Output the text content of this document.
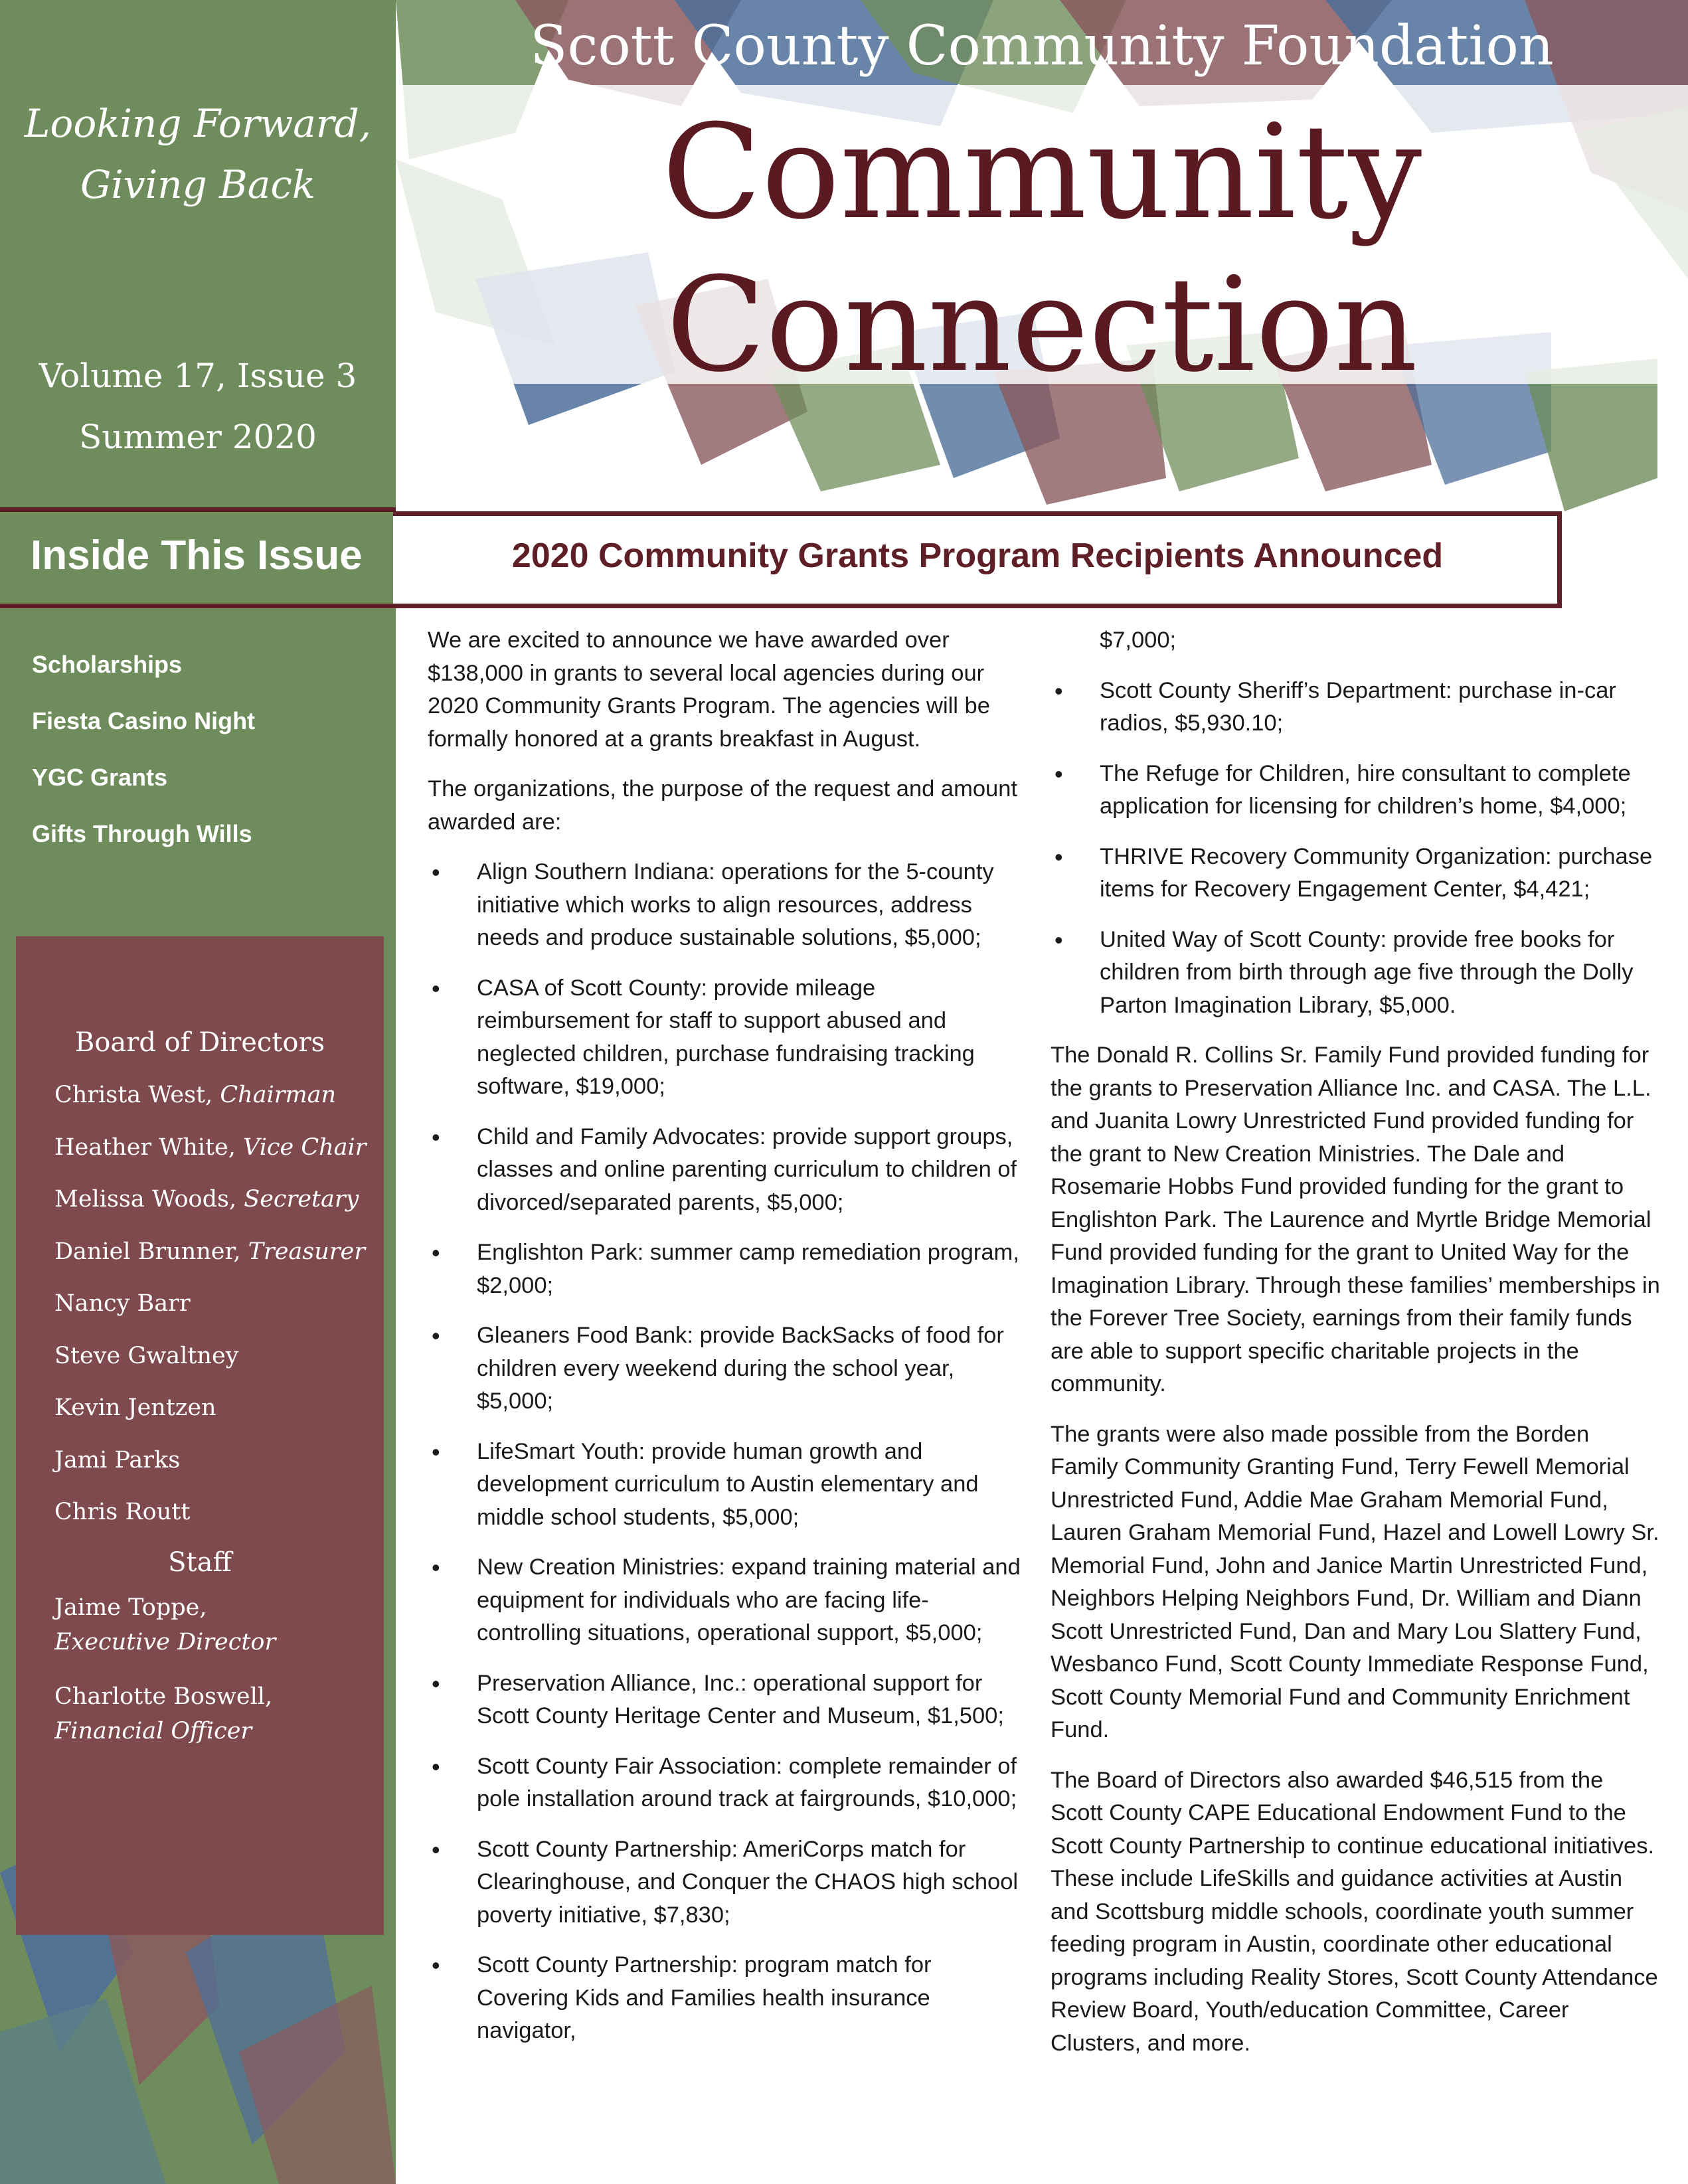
Looking Forward,
Giving Back
Volume 17, Issue 3
Summer 2020
Inside This Issue
Scholarships
Fiesta Casino Night
YGC Grants
Gifts Through Wills
Board of Directors
Christa West, Chairman
Heather White, Vice Chair
Melissa Woods, Secretary
Daniel Brunner, Treasurer
Nancy Barr
Steve Gwaltney
Kevin Jentzen
Jami Parks
Chris Routt
Staff
Jaime Toppe,
Executive Director
Charlotte Boswell,
Financial Officer
Scott County Community Foundation
Community
Connection
2020 Community Grants Program Recipients Announced

We are excited to announce we have awarded over $138,000 in grants to several local agencies during our 2020 Community Grants Program. The agencies will be formally honored at a grants breakfast in August.

The organizations, the purpose of the request and amount awarded are:

• Align Southern Indiana: operations for the 5-county initiative which works to align resources, address needs and produce sustainable solutions, $5,000;
• CASA of Scott County: provide mileage reimbursement for staff to support abused and neglected children, purchase fundraising tracking software, $19,000;
• Child and Family Advocates: provide support groups, classes and online parenting curriculum to children of divorced/separated parents, $5,000;
• Englishton Park: summer camp remediation program, $2,000;
• Gleaners Food Bank: provide BackSacks of food for children every weekend during the school year, $5,000;
• LifeSmart Youth: provide human growth and development curriculum to Austin elementary and middle school students, $5,000;
• New Creation Ministries: expand training material and equipment for individuals who are facing life-controlling situations, operational support, $5,000;
• Preservation Alliance, Inc.: operational support for Scott County Heritage Center and Museum, $1,500;
• Scott County Fair Association: complete remainder of pole installation around track at fairgrounds, $10,000;
• Scott County Partnership: AmeriCorps match for Clearinghouse, and Conquer the CHAOS high school poverty initiative, $7,830;
• Scott County Partnership: program match for Covering Kids and Families health insurance navigator,

$7,000;

• Scott County Sheriff’s Department: purchase in-car radios, $5,930.10;
• The Refuge for Children, hire consultant to complete application for licensing for children’s home, $4,000;
• THRIVE Recovery Community Organization: purchase items for Recovery Engagement Center, $4,421;
• United Way of Scott County: provide free books for children from birth through age five through the Dolly Parton Imagination Library, $5,000.

The Donald R. Collins Sr. Family Fund provided funding for the grants to Preservation Alliance Inc. and CASA. The L.L. and Juanita Lowry Unrestricted Fund provided funding for the grant to New Creation Ministries. The Dale and Rosemarie Hobbs Fund provided funding for the grant to Englishton Park. The Laurence and Myrtle Bridge Memorial Fund provided funding for the grant to United Way for the Imagination Library. Through these families’ memberships in the Forever Tree Society, earnings from their family funds are able to support specific charitable projects in the community.

The grants were also made possible from the Borden Family Community Granting Fund, Terry Fewell Memorial Unrestricted Fund, Addie Mae Graham Memorial Fund, Lauren Graham Memorial Fund, Hazel and Lowell Lowry Sr. Memorial Fund, John and Janice Martin Unrestricted Fund, Neighbors Helping Neighbors Fund, Dr. William and Diann Scott Unrestricted Fund, Dan and Mary Lou Slattery Fund, Wesbanco Fund, Scott County Immediate Response Fund, Scott County Memorial Fund and Community Enrichment Fund.

The Board of Directors also awarded $46,515 from the Scott County CAPE Educational Endowment Fund to the Scott County Partnership to continue educational initiatives. These include LifeSkills and guidance activities at Austin and Scottsburg middle schools, coordinate youth summer feeding program in Austin, coordinate other educational programs including Reality Stores, Scott County Attendance Review Board, Youth/education Committee, Career Clusters, and more.
